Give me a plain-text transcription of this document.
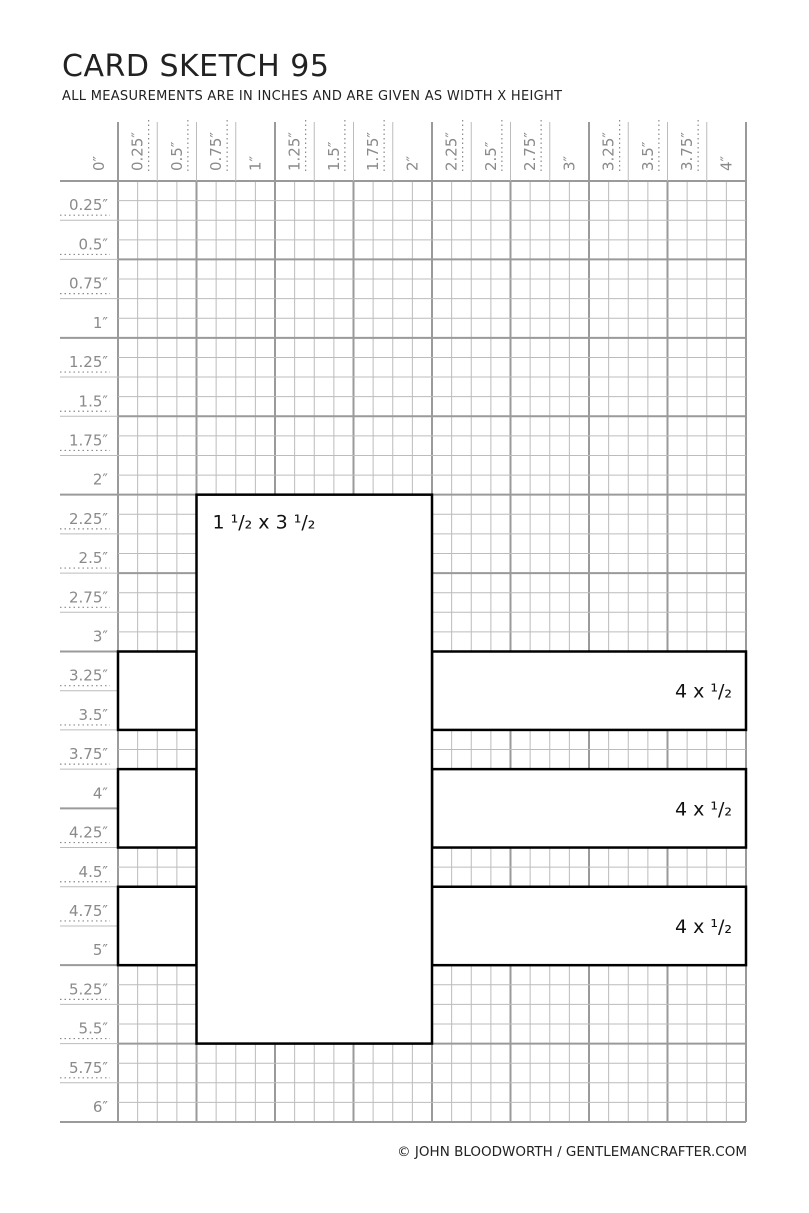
CARD SKETCH 95
ALL MEASUREMENTS ARE IN INCHES AND ARE GIVEN AS WIDTH X HEIGHT
0″ 0.25″ 0.5″ 0.75″ 1″ 1.25″ 1.5″ 1.75″ 2″ 2.25″ 2.5″ 2.75″ 3″ 3.25″ 3.5″ 3.75″ 4″
0.25″
0.5″
0.75″
1″
1.25″
1.5″
1.75″
2″
2.25″
2.5″
2.75″
3″
3.25″
3.5″
3.75″
4″
4.25″
4.5″
4.75″
5″
5.25″
5.5″
5.75″
6″
4 x ¹/₂
4 x ¹/₂
4 x ¹/₂
1 ¹/₂ x 3 ¹/₂
© JOHN BLOODWORTH / GENTLEMANCRAFTER.COM
